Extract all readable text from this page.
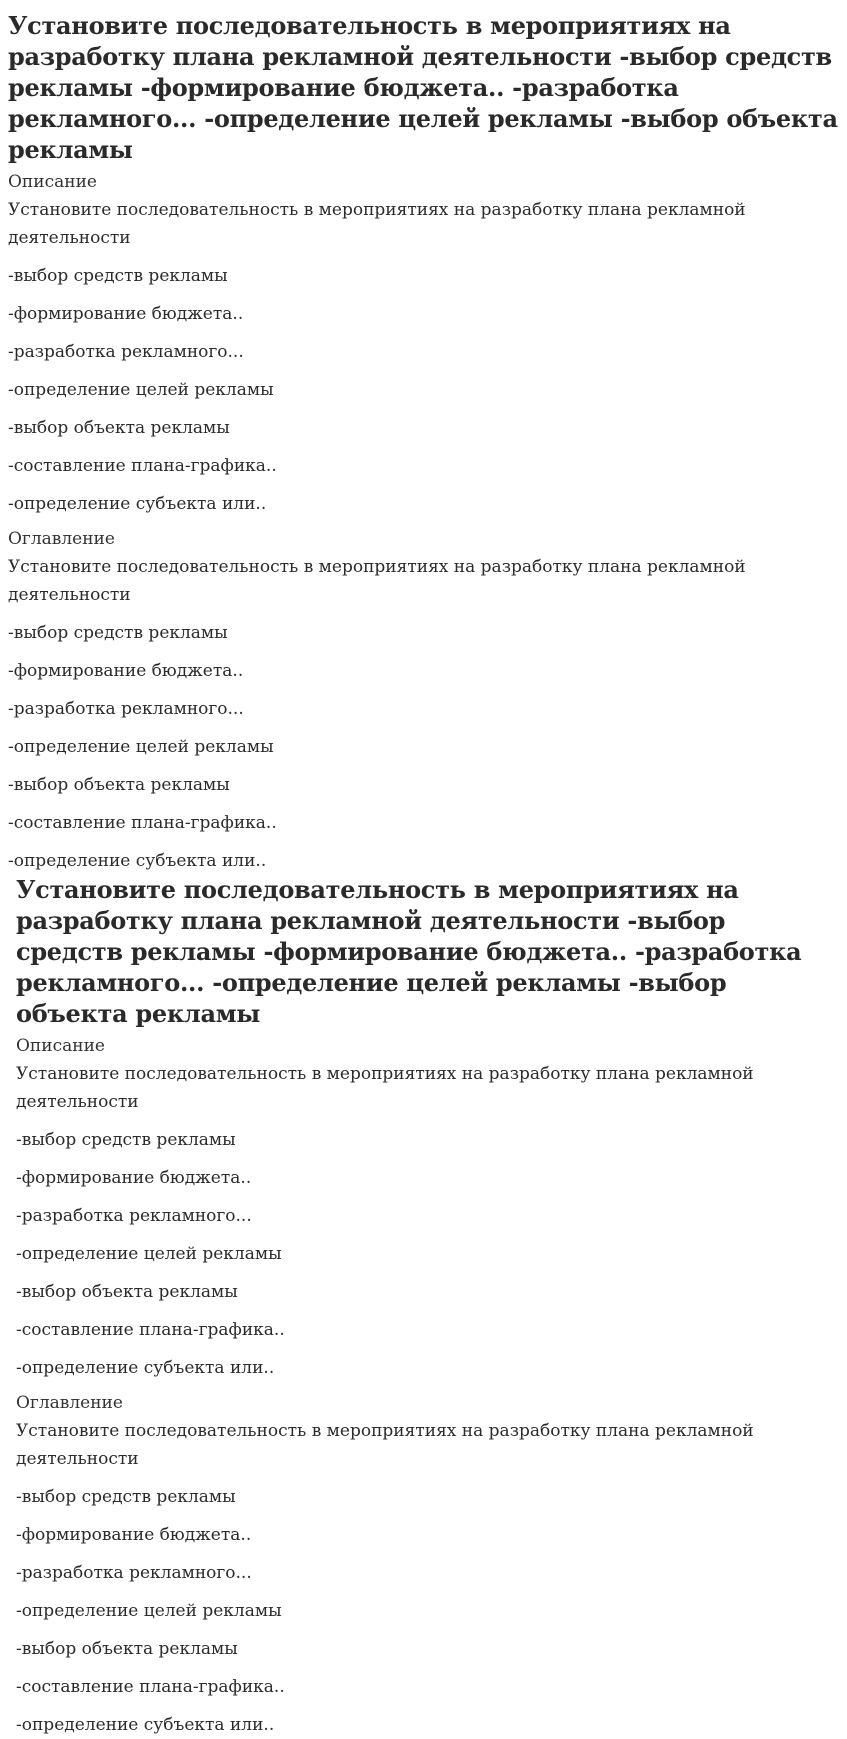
Установите последовательность в мероприятиях на разработку плана рекламной деятельности -выбор средств рекламы -формирование бюджета.. -разработка рекламного... -определение целей рекламы -выбор объекта рекламы
Описание

Установите последовательность в мероприятиях на разработку плана рекламной деятельности

-выбор средств рекламы

-формирование бюджета..

-разработка рекламного...

-определение целей рекламы

-выбор объекта рекламы

-составление плана-графика..

-определение субъекта или..

Оглавление

Установите последовательность в мероприятиях на разработку плана рекламной деятельности

-выбор средств рекламы

-формирование бюджета..

-разработка рекламного...

-определение целей рекламы

-выбор объекта рекламы

-составление плана-графика..

-определение субъекта или..

Установите последовательность в мероприятиях на разработку плана рекламной деятельности -выбор средств рекламы -формирование бюджета.. -разработка рекламного... -определение целей рекламы -выбор объекта рекламы
Описание

Установите последовательность в мероприятиях на разработку плана рекламной деятельности

-выбор средств рекламы

-формирование бюджета..

-разработка рекламного...

-определение целей рекламы

-выбор объекта рекламы

-составление плана-графика..

-определение субъекта или..

Оглавление

Установите последовательность в мероприятиях на разработку плана рекламной деятельности

-выбор средств рекламы

-формирование бюджета..

-разработка рекламного...

-определение целей рекламы

-выбор объекта рекламы

-составление плана-графика..

-определение субъекта или..
